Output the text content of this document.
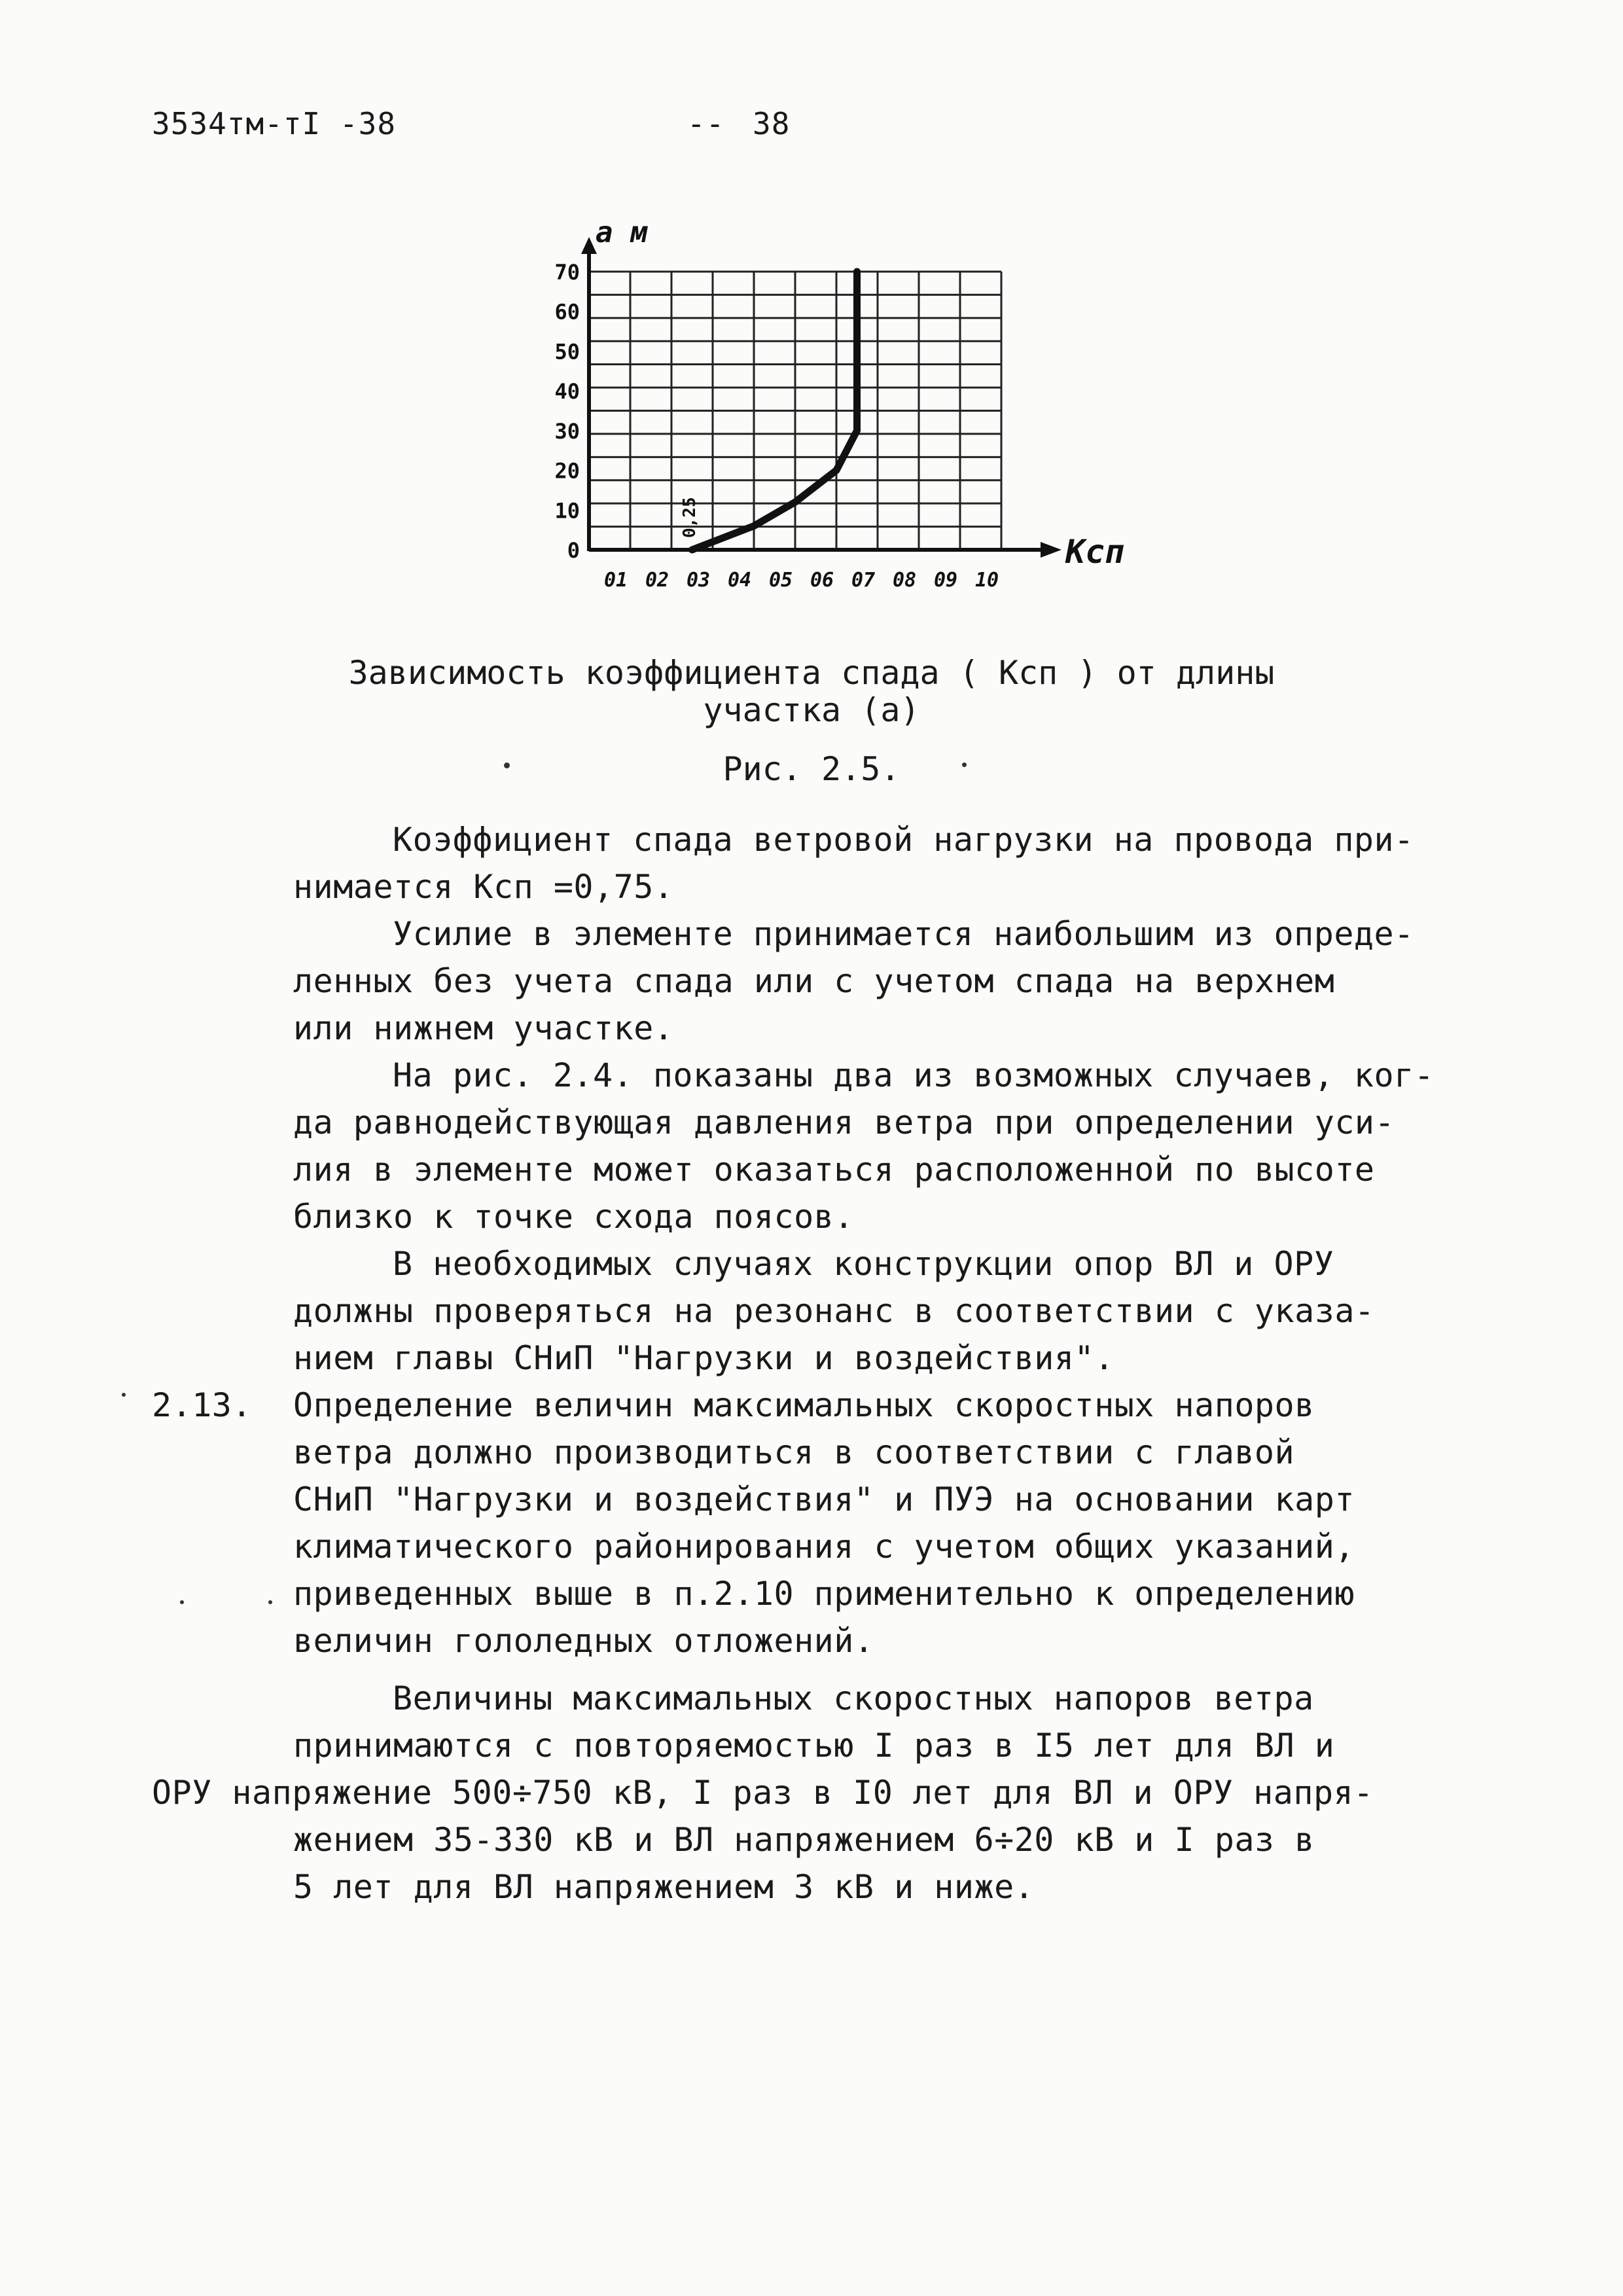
3534тм-тI -38	-- 38
0
10
20
30
40
50
60
70
01 02 03 04 05 06 07 08 09 10
а м
Ксп
0,25
Зависимость коэффициента спада ( Ксп ) от длины
участка (а)
Рис. 2.5.
Коэффициент спада ветровой нагрузки на провода при-
нимается Ксп =0,75.
Усилие в элементе принимается наибольшим из опреде-
ленных без учета спада или с учетом спада на верхнем
или нижнем участке.
На рис. 2.4. показаны два из возможных случаев, ког-
да равнодействующая давления ветра при определении уси-
лия в элементе может оказаться расположенной по высоте
близко к точке схода поясов.
В необходимых случаях конструкции опор ВЛ и ОРУ
должны проверяться на резонанс в соответствии с указа-
нием главы СНиП "Нагрузки и воздействия".
2.13. Определение величин максимальных скоростных напоров
ветра должно производиться в соответствии с главой
СНиП "Нагрузки и воздействия" и ПУЭ на основании карт
климатического районирования с учетом общих указаний,
приведенных выше в п.2.10 применительно к определению
величин гололедных отложений.
Величины максимальных скоростных напоров ветра
принимаются с повторяемостью I раз в I5 лет для ВЛ и
ОРУ напряжение 500÷750 кВ, I раз в I0 лет для ВЛ и ОРУ напря-
жением 35-330 кВ и ВЛ напряжением 6÷20 кВ и I раз в
5 лет для ВЛ напряжением 3 кВ и ниже.
